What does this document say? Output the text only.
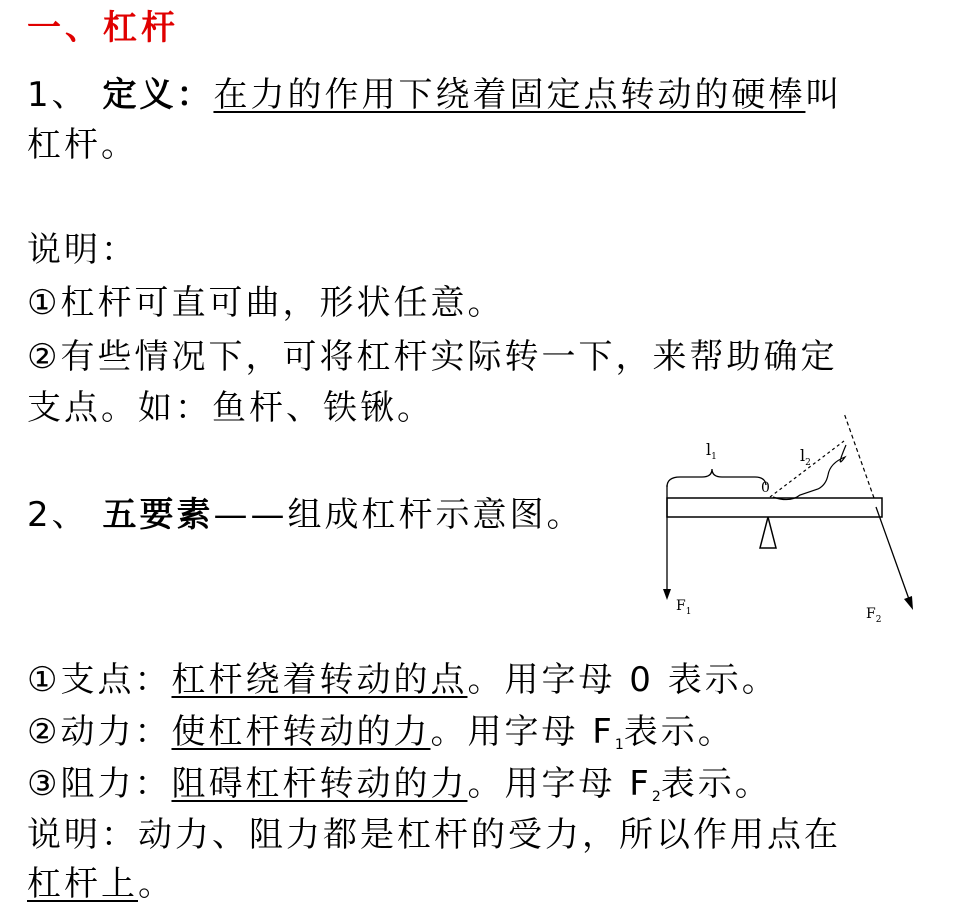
一、杠杆
1、 定义：在力的作用下绕着固定点转动的硬棒叫
杠杆。
说明：
①杠杆可直可曲，形状任意。
②有些情况下，可将杠杆实际转一下，来帮助确定
支点。如：鱼杆、铁锹。
2、 五要素——组成杠杆示意图。
0
$l_1$	$l_2$
$F_1$	$F_2$
①支点：杠杆绕着转动的点。用字母 0 表示。
②动力：使杠杆转动的力。用字母 $F_1$表示。
③阻力：阻碍杠杆转动的力。用字母 $F_2$表示。
说明：动力、阻力都是杠杆的受力，所以作用点在
杠杆上。
